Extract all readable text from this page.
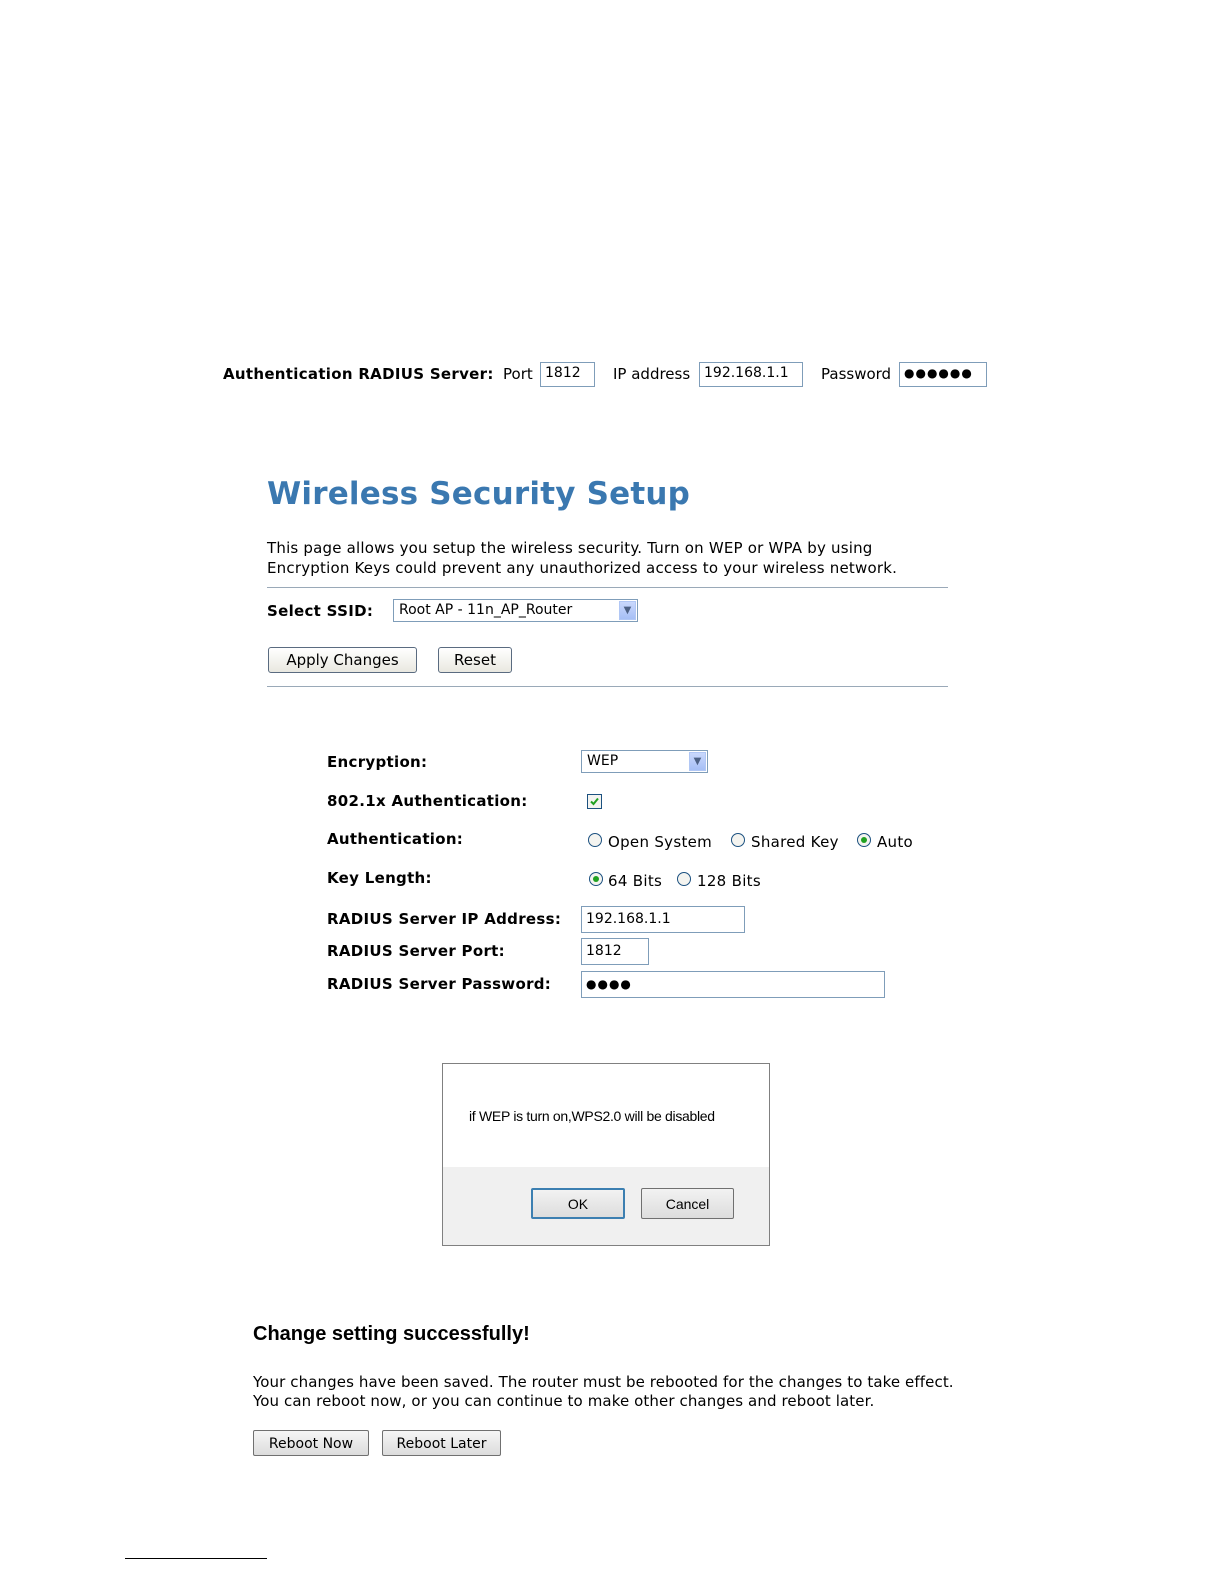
Authentication RADIUS Server: Port 1812	IP address 192.168.1.1	Password	●●●●●●
Wireless Security Setup
This page allows you setup the wireless security. Turn on WEP or WPA by using
Encryption Keys could prevent any unauthorized access to your wireless network.
Select SSID:	Root AP - 11n_AP_Router	▼
Apply Changes	Reset
Encryption:	WEP	▼
802.1x Authentication:
Authentication:	Open System	Shared Key	Auto
Key Length:	64 Bits 128 Bits
RADIUS Server IP Address:	192.168.1.1
RADIUS Server Port:	1812
RADIUS Server Password:	●●●●
if WEP is turn on,WPS2.0 will be disabled
OK	Cancel
Change setting successfully!
Your changes have been saved. The router must be rebooted for the changes to take effect.
You can reboot now, or you can continue to make other changes and reboot later.
Reboot Now	Reboot Later
